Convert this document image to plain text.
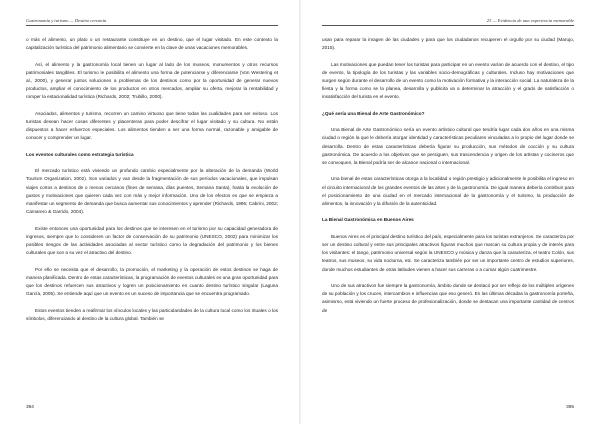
Gastronomía y turismo — Destino cercanía

o más el alimento, un plato o un restaurante constituye en un destino, que el lugar visitado. En este contexto la capitalización turística del patrimonio alimentario se convierte en la clave de unas vacaciones memorables.

Así, el alimento y la gastronomía local tienen un lugar al lado de los museos, monumentos y otros recursos patrimoniales tangibles. El turismo le posibilita el alimento una forma de potenciarse y diferenciarse (Von Westering et al., 2000), y generar juntos soluciones a problemas de los destinos como por la oportunidad de generar nuevos productos, ampliar el conocimiento de los productos en otros mercados, ampliar su oferta, mejorar la rentabilidad y romper la estacionalidad turística (Richards, 2002; Trubillo, 2000).

Asociados, alimentos y turismo, recorren un camino virtuoso que tiene todas las cualidades para ser exitoso. Los turistas desean hacer cosas diferentes y placenteras para poder descifrar el lugar visitado y su cultura. No están dispuestos a hacer esfuerzos especiales. Los alimentos tienden a ser una forma normal, razonable y amigable de conocer y comprender un lugar.

Los eventos culturales como estrategia turística

El mercado turístico está viviendo un profundo cambio especialmente por la alteración de la demanda (World Tourism Organization, 2002). Son variados y van desde la fragmentación de sus períodos vacacionales, que impulsan viajes cortos a destinos de o menos cercanos (fines de semana, días puentes, Semana Santa), hasta la evolución de gustos y motivaciones que quieren cada vez con más y mejor información. Uno de los efectos es que se empieza a manifestar un segmento de demanda que busca aumentar sus conocimientos y aprender (Richards, 1996; Cabrini, 2002; Camarero & Garrido, 2004).

Existe entonces una oportunidad para los destinos que se interesen en el turismo por su capacidad generadora de ingresos, siempre que lo consideren un factor de conservación de su patrimonio (UNESCO, 2002) para minimizar los posibles riesgos de las actividades asociadas al sector turístico como la degradación del patrimonio y los bienes culturales que son a su vez el atractivo del destino.

Por ello se necesita que el desarrollo, la promoción, el marketing y la operación de estos destinos se haga de manera planificada. Dentro de estas características, la programación de eventos culturales es una gran oportunidad para que los destinos refuercen sus atractivos y logren un posicionamiento en cuanto destino turístico singular (Laguna García, 2005). Se entiende aquí que un evento es un suceso de importancia que se encuentra programado.

Estos eventos tienden a reafirmar los vínculos locales y las particularidades de la cultura local como los rituales o los símbolos, diferenciando al destino de la cultura global. También se

394
23 — Evidencia de una experiencia memorable

usan para reparar la imagen de las ciudades y para que los ciudadanos recuperen el orgullo por su ciudad (Marujo, 2015).

Las motivaciones que puedan tener los turistas para participar en un evento varían de acuerdo con el destino, el tipo de evento, la tipología de los turistas y las variables socio-demográficas y culturales. Incluso hay motivaciones que surgen según durante el desarrollo de un evento como la motivación formativa y la interacción social. La naturaleza de la fiesta y la forma como se la planea, desarrolla y publicita va a determinar la atracción y el grado de satisfacción o insatisfacción del turista en el evento.

¿Qué sería una Bienal de Arte Gastronómico?

Una Bienal de Arte Gastronómico sería un evento artístico cultural que tendría lugar cada dos años en una misma ciudad o región la que le debería otorgar identidad y características peculiares vinculadas a lo propio del lugar donde se desarrolla. Dentro de estas características debería figurar su producción, sus métodos de cocción y su cultura gastronómica. De acuerdo a los objetivos que se persiguen, sus trascendencia y origen de los artistas y cocineros que se convoquen, la Bienal podría ser de alcance nacional o internacional.

Una bienal de estas características otorga a la localidad o región prestigio y adicionalmente le posibilita el ingreso en el circuito internacional de los grandes eventos de las artes y de la gastronomía. De igual manera debería contribuir para el posicionamiento de una ciudad en el mercado internacional de la gastronomía y el turismo, la producción de alimentos, la innovación y la difusión de la autenticidad.

La Bienal Gastronómica en Buenos Aires

Buenos Aires es el principal destino turístico del país, especialmente para los turistas extranjeros. Se caracteriza por ser un destino cultural y entre sus principales atractivos figuran muchos que marcan su cultura propia y de interés para los visitantes: el tango, patrimonio universal según la UNESCO y música y danza que la caracteriza, el teatro Colón, sus teatros, sus museos, su vida nocturna, etc. Se caracteriza también por ser un importante centro de estudios superiores, donde muchos estudiantes de otras latitudes vienen a hacer sus carreras o a cursar algún cuatrimestre.

Uno de sus atractivos fue siempre la gastronomía, ámbito donde se destacó por ser reflejo de los múltiples orígenes de su población y los cruces, intercambios e influencias que eso generó. En las últimas décadas la gastronomía porteña, asimismo, está viviendo un fuerte proceso de profesionalización, donde se destacan una importante cantidad de centros de

395
